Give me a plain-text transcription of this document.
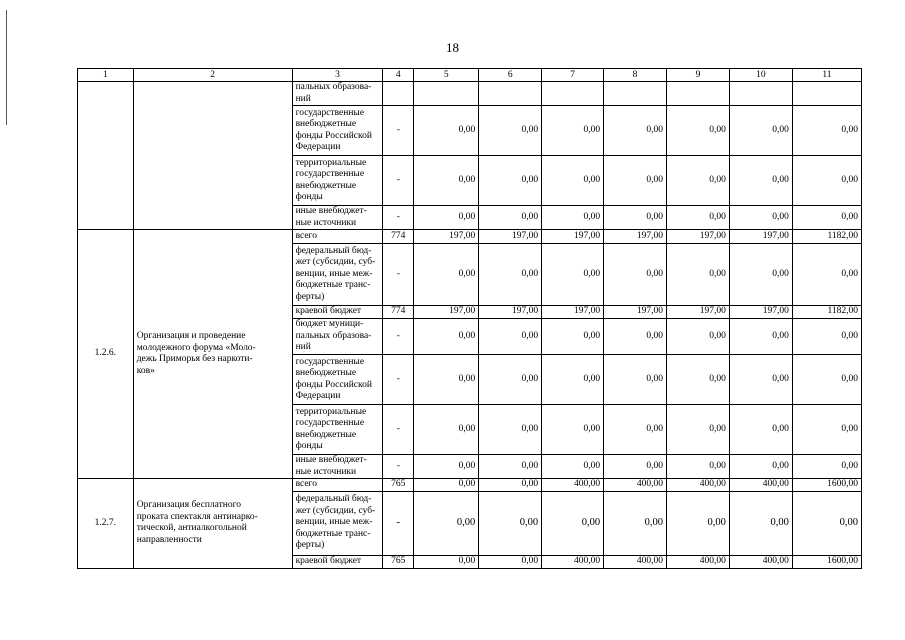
18
1	2	3	4	5	6	7	8	9	10	11
		пальных образова-
ний								
		государственные
внебюджетные
фонды Российской
Федерации	-	0,00	0,00	0,00	0,00	0,00	0,00	0,00
		территориальные
государственные
внебюджетные
фонды	-	0,00	0,00	0,00	0,00	0,00	0,00	0,00
		иные внебюджет-
ные источники	-	0,00	0,00	0,00	0,00	0,00	0,00	0,00
1.2.6.	Организация и проведение
молодежного форума «Моло-
дежь Приморья без наркоти-
ков»	всего	774	197,00	197,00	197,00	197,00	197,00	197,00	1182,00
		федеральный бюд-
жет (субсидии, суб-
венции, иные меж-
бюджетные транс-
ферты)	-	0,00	0,00	0,00	0,00	0,00	0,00	0,00
		краевой бюджет	774	197,00	197,00	197,00	197,00	197,00	197,00	1182,00
		бюджет муници-
пальных образова-
ний	-	0,00	0,00	0,00	0,00	0,00	0,00	0,00
		государственные
внебюджетные
фонды Российской
Федерации	-	0,00	0,00	0,00	0,00	0,00	0,00	0,00
		территориальные
государственные
внебюджетные
фонды	-	0,00	0,00	0,00	0,00	0,00	0,00	0,00
		иные внебюджет-
ные источники	-	0,00	0,00	0,00	0,00	0,00	0,00	0,00
1.2.7.	Организация бесплатного
проката спектакля антинарко-
тической, антиалкогольной
направленности	всего	765	0,00	0,00	400,00	400,00	400,00	400,00	1600,00
		федеральный бюд-
жет (субсидии, суб-
венции, иные меж-
бюджетные транс-
ферты)	-	0,00	0,00	0,00	0,00	0,00	0,00	0,00
		краевой бюджет	765	0,00	0,00	400,00	400,00	400,00	400,00	1600,00
